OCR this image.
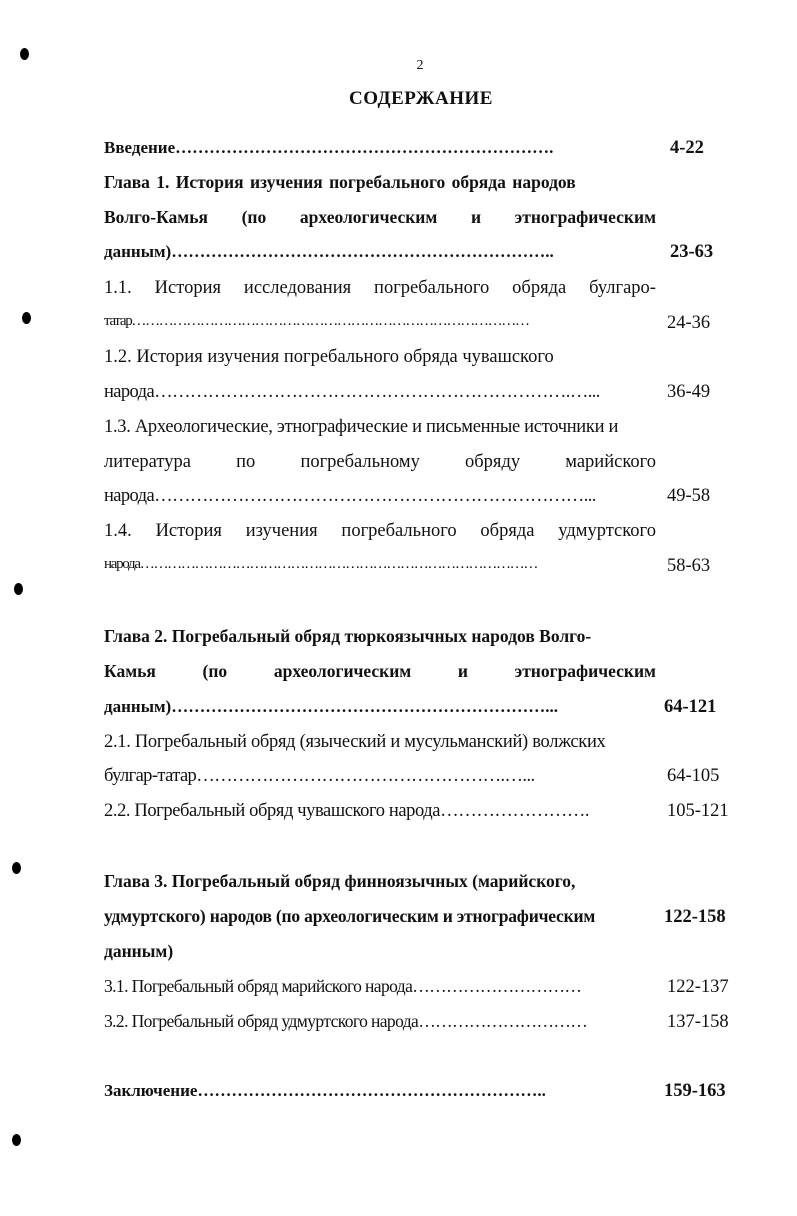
2
СОДЕРЖАНИЕ
Введение………………………………………………………….	4-22
Глава 1. История изучения погребального обряда народов
Волго-Камья (по археологическим и этнографическим
данным)…………………………………………………………..	23-63
1.1. История исследования погребального обряда булгаро-
татар……………………………………………………………………………	24-36
1.2. История изучения погребального обряда чувашского
народа…………………………………………………………….…...	36-49
1.3. Археологические, этнографические и письменные источники и
литература по погребальному обряду марийского
народа………………………………………………………………...	49-58
1.4. История изучения погребального обряда удмуртского
народа……………………………………………………………………………	58-63
Глава 2. Погребальный обряд тюркоязычных народов Волго-
Камья	(по	археологическим	и	этнографическим
данным)…………………………………………………………...	64-121
2.1. Погребальный обряд (языческий и мусульманский) волжских
булгар-татар…………………………………………….…...	64-105
2.2. Погребальный обряд чувашского народа…………………….	105-121
Глава 3. Погребальный обряд финноязычных (марийского,
удмуртского) народов (по археологическим и этнографическим	122-158
данным)
3.1. Погребальный обряд марийского народа…………………………	122-137
3.2. Погребальный обряд удмуртского народа…………………………	137-158
Заключение……………………………………………………..	159-163
